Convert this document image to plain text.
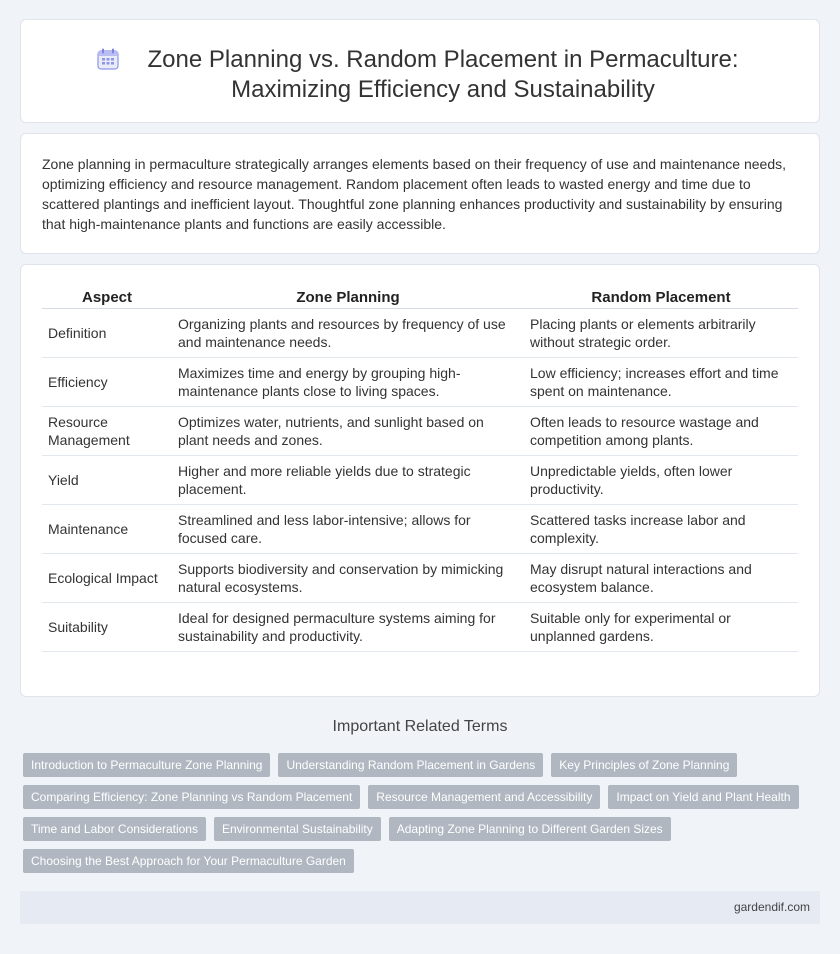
Zone Planning vs. Random Placement in Permaculture: Maximizing Efficiency and Sustainability

Zone planning in permaculture strategically arranges elements based on their frequency of use and maintenance needs, optimizing efficiency and resource management. Random placement often leads to wasted energy and time due to scattered plantings and inefficient layout. Thoughtful zone planning enhances productivity and sustainability by ensuring that high-maintenance plants and functions are easily accessible.

Aspect	Zone Planning	Random Placement
Definition	Organizing plants and resources by frequency of use and maintenance needs.	Placing plants or elements arbitrarily without strategic order.
Efficiency	Maximizes time and energy by grouping high-maintenance plants close to living spaces.	Low efficiency; increases effort and time spent on maintenance.
Resource Management	Optimizes water, nutrients, and sunlight based on plant needs and zones.	Often leads to resource wastage and competition among plants.
Yield	Higher and more reliable yields due to strategic placement.	Unpredictable yields, often lower productivity.
Maintenance	Streamlined and less labor-intensive; allows for focused care.	Scattered tasks increase labor and complexity.
Ecological Impact	Supports biodiversity and conservation by mimicking natural ecosystems.	May disrupt natural interactions and ecosystem balance.
Suitability	Ideal for designed permaculture systems aiming for sustainability and productivity.	Suitable only for experimental or unplanned gardens.
Important Related Terms
Introduction to Permaculture Zone Planning	Understanding Random Placement in Gardens	Key Principles of Zone Planning
Comparing Efficiency: Zone Planning vs Random Placement	Resource Management and Accessibility	Impact on Yield and Plant Health
Time and Labor Considerations	Environmental Sustainability	Adapting Zone Planning to Different Garden Sizes
Choosing the Best Approach for Your Permaculture Garden
gardendif.com
